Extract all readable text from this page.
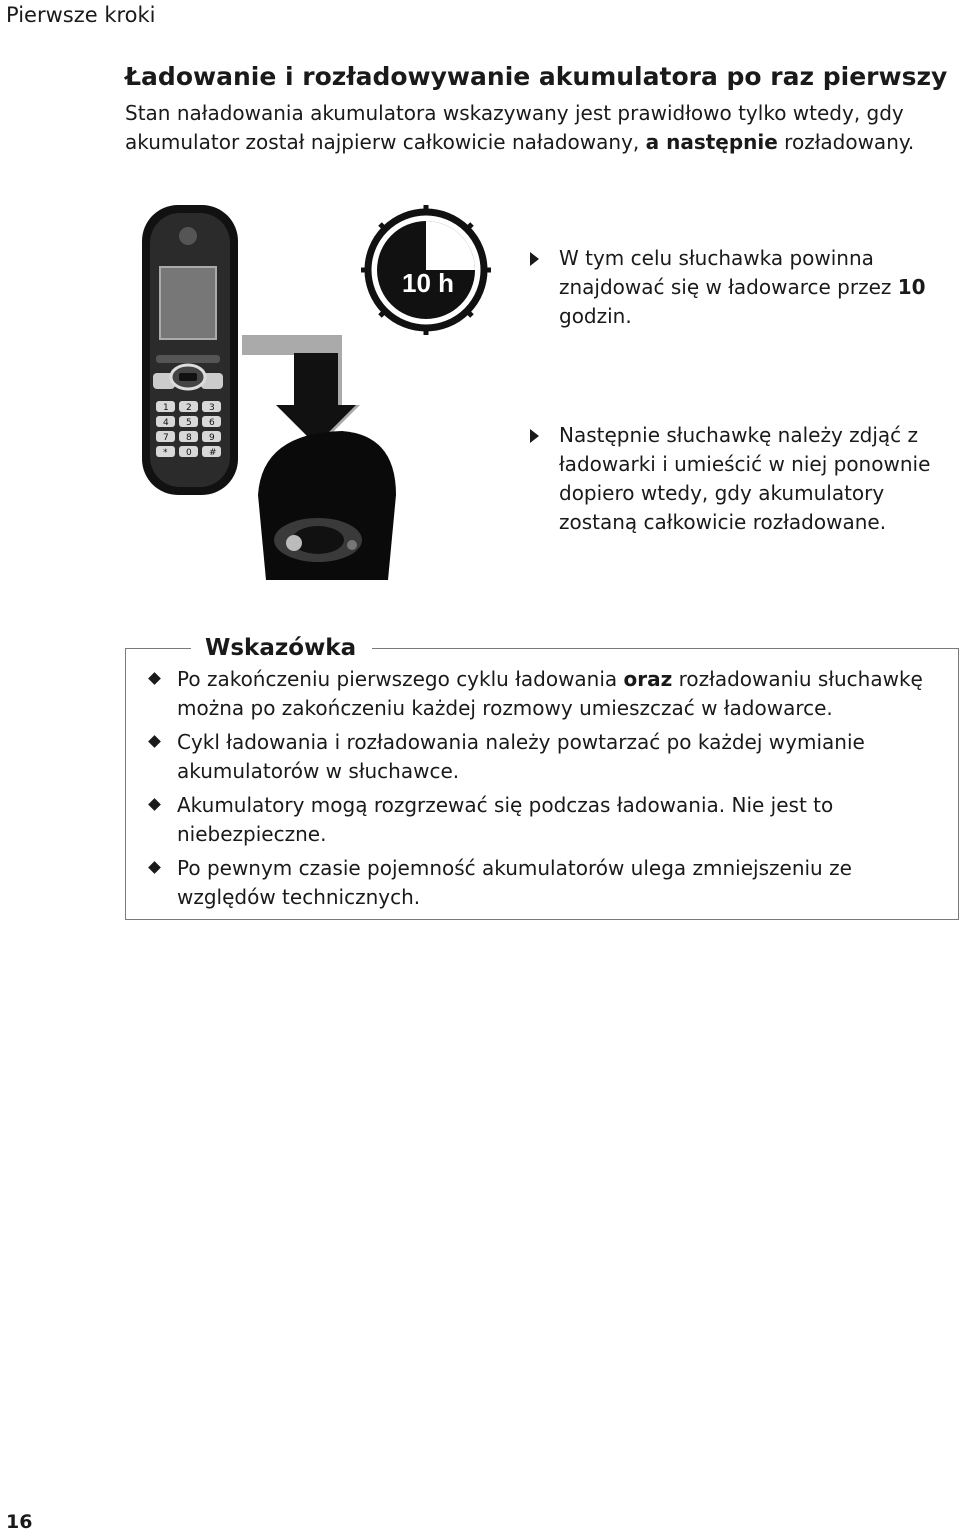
Pierwsze kroki
Ładowanie i rozładowywanie akumulatora po raz pierwszy

Stan naładowania akumulatora wskazywany jest prawidłowo tylko wtedy, gdy akumulator został najpierw całkowicie naładowany, a następnie rozładowany.

1 2 3
4 5 6
7 8 9
* 0 #
10 h
W tym celu słuchawka powinna znajdować się w ładowarce przez 10 godzin.
Następnie słuchawkę należy zdjąć z ładowarki i umieścić w niej ponownie dopiero wtedy, gdy akumulatory zostaną całkowicie rozładowane.
Wskazówka
Po zakończeniu pierwszego cyklu ładowania oraz rozładowaniu słuchawkę można po zakończeniu każdej rozmowy umieszczać w ładowarce.
Cykl ładowania i rozładowania należy powtarzać po każdej wymianie akumulatorów w słuchawce.
Akumulatory mogą rozgrzewać się podczas ładowania. Nie jest to niebezpieczne.
Po pewnym czasie pojemność akumulatorów ulega zmniejszeniu ze względów technicznych.
16
